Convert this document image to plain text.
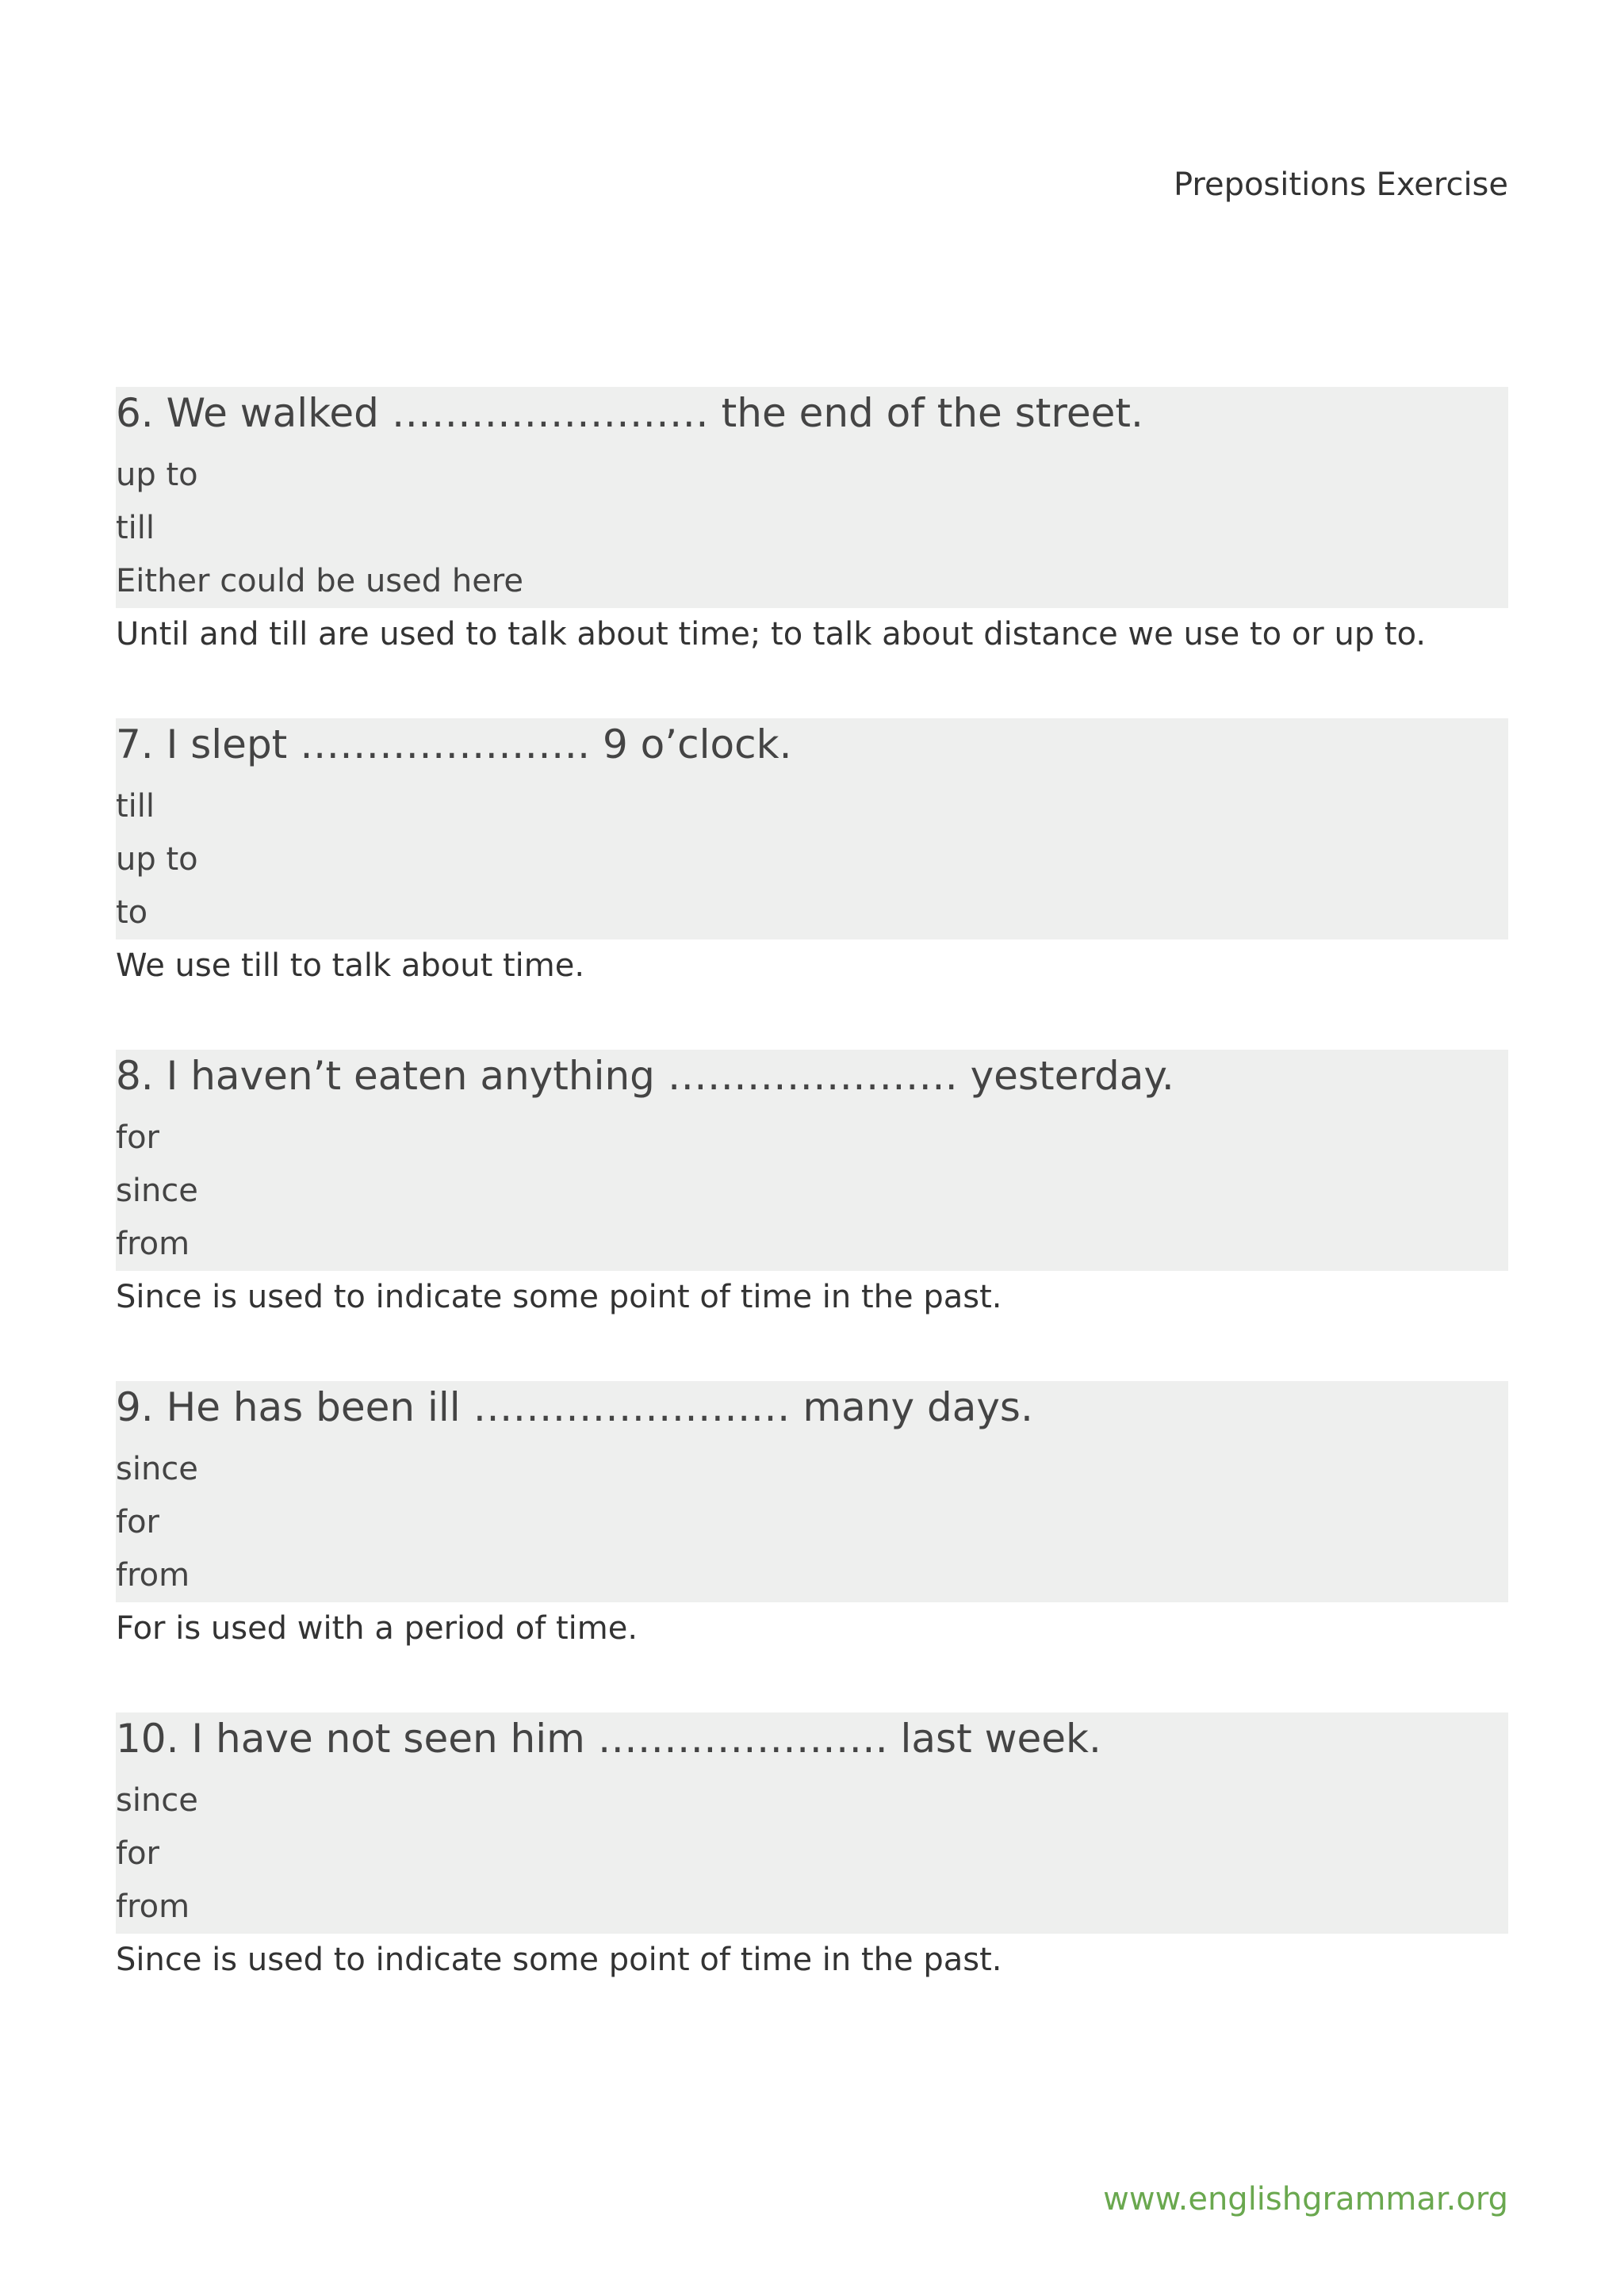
Prepositions Exercise
6. We walked …………………… the end of the street.
up to
till
Either could be used here
Until and till are used to talk about time; to talk about distance we use to or up to.
7. I slept …………………. 9 o’clock.
till
up to
to
We use till to talk about time.
8. I haven’t eaten anything …………………. yesterday.
for
since
from
Since is used to indicate some point of time in the past.
9. He has been ill …………………… many days.
since
for
from
For is used with a period of time.
10. I have not seen him …………………. last week.
since
for
from
Since is used to indicate some point of time in the past.
www.englishgrammar.org
